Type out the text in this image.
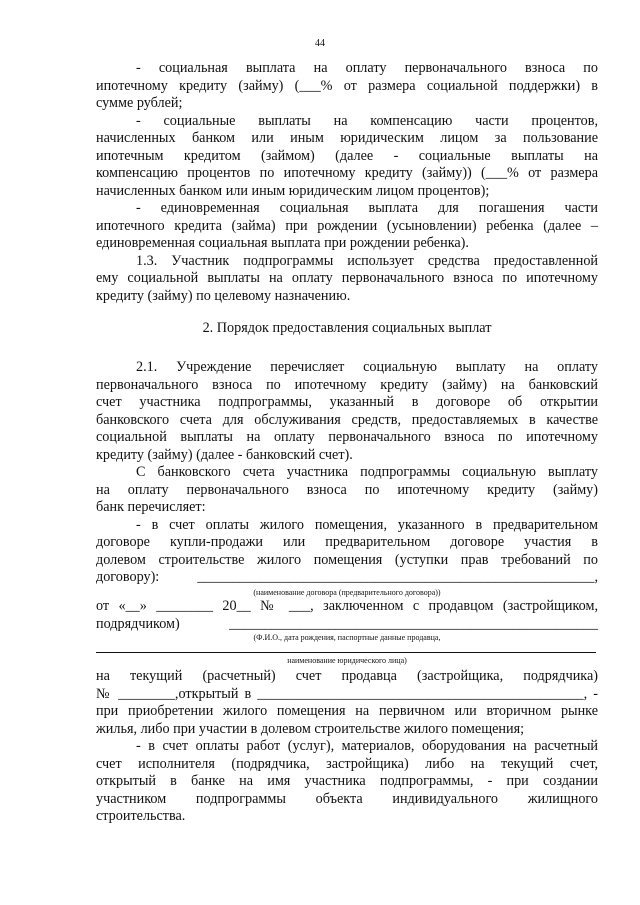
44
- социальная выплата на оплату первоначального взноса по
ипотечному кредиту (займу) (___% от размера социальной поддержки) в
сумме рублей;
- социальные выплаты на компенсацию части процентов,
начисленных банком или иным юридическим лицом за пользование
ипотечным кредитом (займом) (далее - социальные выплаты на
компенсацию процентов по ипотечному кредиту (займу)) (___% от размера
начисленных банком или иным юридическим лицом процентов);
- единовременная социальная выплата для погашения части
ипотечного кредита (займа) при рождении (усыновлении) ребенка (далее –
единовременная социальная выплата при рождении ребенка).
1.3. Участник подпрограммы использует средства предоставленной
ему социальной выплаты на оплату первоначального взноса по ипотечному
кредиту (займу) по целевому назначению.
2. Порядок предоставления социальных выплат
2.1. Учреждение перечисляет социальную выплату на оплату
первоначального взноса по ипотечному кредиту (займу) на банковский
счет участника подпрограммы, указанный в договоре об открытии
банковского счета для обслуживания средств, предоставляемых в качестве
социальной выплаты на оплату первоначального взноса по ипотечному
кредиту (займу) (далее - банковский счет).
С банковского счета участника подпрограммы социальную выплату
на оплату первоначального взноса по ипотечному кредиту (займу)
банк перечисляет:
- в счет оплаты жилого помещения, указанного в предварительном
договоре купли-продажи или предварительном договоре участия в
долевом строительстве жилого помещения (уступки прав требований по
договору): ________________________________________________________,
(наименование договора (предварительного договора))
от «__» ________ 20__ № ___, заключенном с продавцом (застройщиком,
подрядчиком) ____________________________________________________
(Ф.И.О., дата рождения, паспортные данные продавца,
наименование юридического лица)
на текущий (расчетный) счет продавца (застройщика, подрядчика)
№ ________,открытый в ______________________________________________, -
при приобретении жилого помещения на первичном или вторичном рынке
жилья, либо при участии в долевом строительстве жилого помещения;
- в счет оплаты работ (услуг), материалов, оборудования на расчетный
счет исполнителя (подрядчика, застройщика) либо на текущий счет,
открытый в банке на имя участника подпрограммы, - при создании
участником подпрограммы объекта индивидуального жилищного
строительства.
